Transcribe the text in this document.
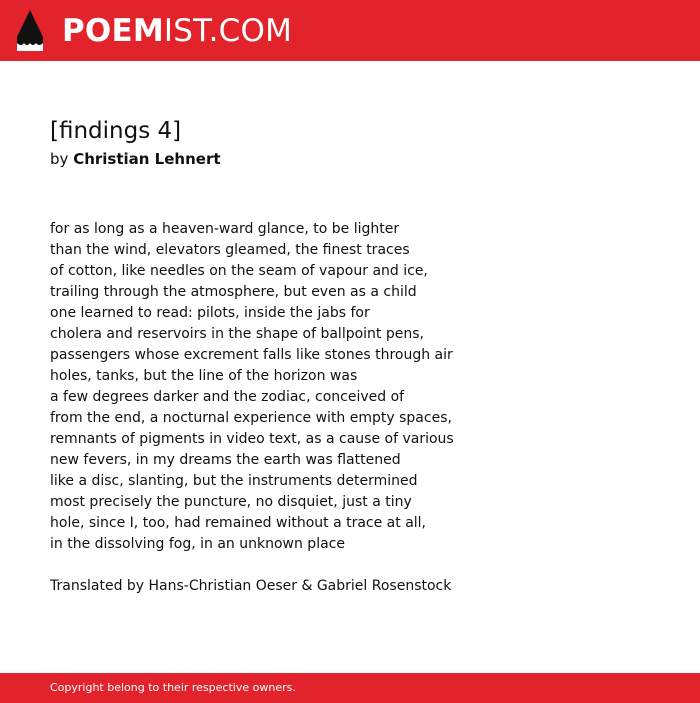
POEM IST.COM
[findings 4]
by Christian Lehnert
for as long as a heaven-ward glance, to be lighter
than the wind, elevators gleamed, the finest traces
of cotton, like needles on the seam of vapour and ice,
trailing through the atmosphere, but even as a child
one learned to read: pilots, inside the jabs for
cholera and reservoirs in the shape of ballpoint pens,
passengers whose excrement falls like stones through air
holes, tanks, but the line of the horizon was
a few degrees darker and the zodiac, conceived of
from the end, a nocturnal experience with empty spaces,
remnants of pigments in video text, as a cause of various
new fevers, in my dreams the earth was flattened
like a disc, slanting, but the instruments determined
most precisely the puncture, no disquiet, just a tiny
hole, since I, too, had remained without a trace at all,
in the dissolving fog, in an unknown place
Translated by Hans-Christian Oeser & Gabriel Rosenstock
Copyright belong to their respective owners.
